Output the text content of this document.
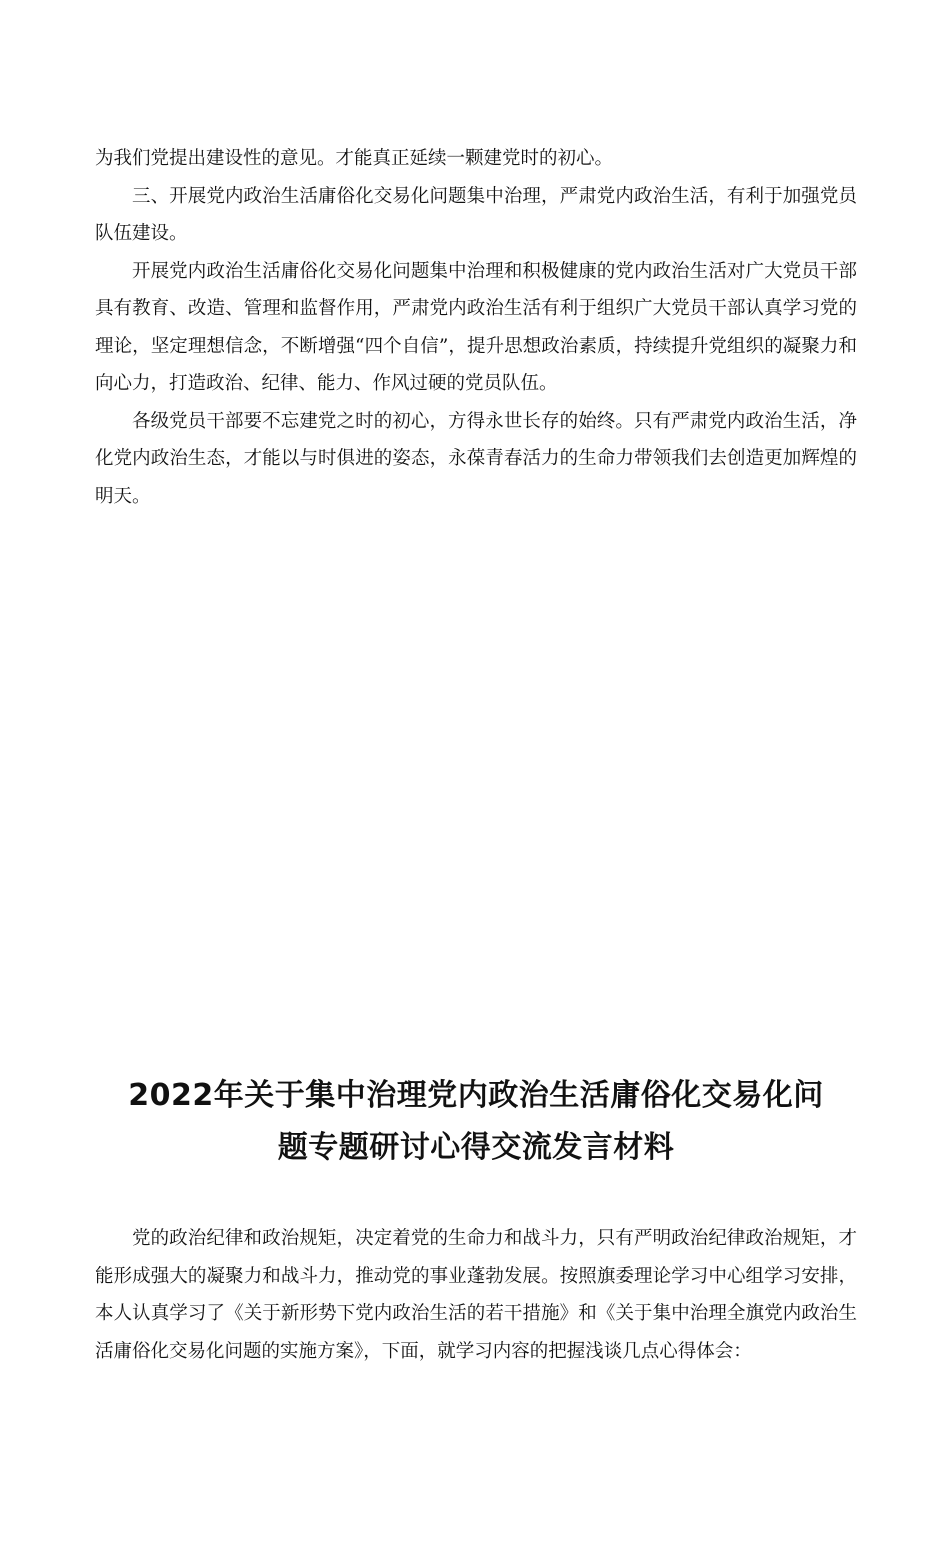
为我们党提出建设性的意见。才能真正延续一颗建党时的初心。

三、开展党内政治生活庸俗化交易化问题集中治理，严肃党内政治生活，有利于加强党员队伍建设。

开展党内政治生活庸俗化交易化问题集中治理和积极健康的党内政治生活对广大党员干部具有教育、改造、管理和监督作用，严肃党内政治生活有利于组织广大党员干部认真学习党的理论，坚定理想信念，不断增强“四个自信”，提升思想政治素质，持续提升党组织的凝聚力和向心力，打造政治、纪律、能力、作风过硬的党员队伍。

各级党员干部要不忘建党之时的初心，方得永世长存的始终。只有严肃党内政治生活，净化党内政治生态，才能以与时俱进的姿态，永葆青春活力的生命力带领我们去创造更加辉煌的明天。

2022年关于集中治理党内政治生活庸俗化交易化问

题专题研讨心得交流发言材料

党的政治纪律和政治规矩，决定着党的生命力和战斗力，只有严明政治纪律政治规矩，才能形成强大的凝聚力和战斗力，推动党的事业蓬勃发展。按照旗委理论学习中心组学习安排，本人认真学习了《关于新形势下党内政治生活的若干措施》和《关于集中治理全旗党内政治生活庸俗化交易化问题的实施方案》，下面，就学习内容的把握浅谈几点心得体会：
